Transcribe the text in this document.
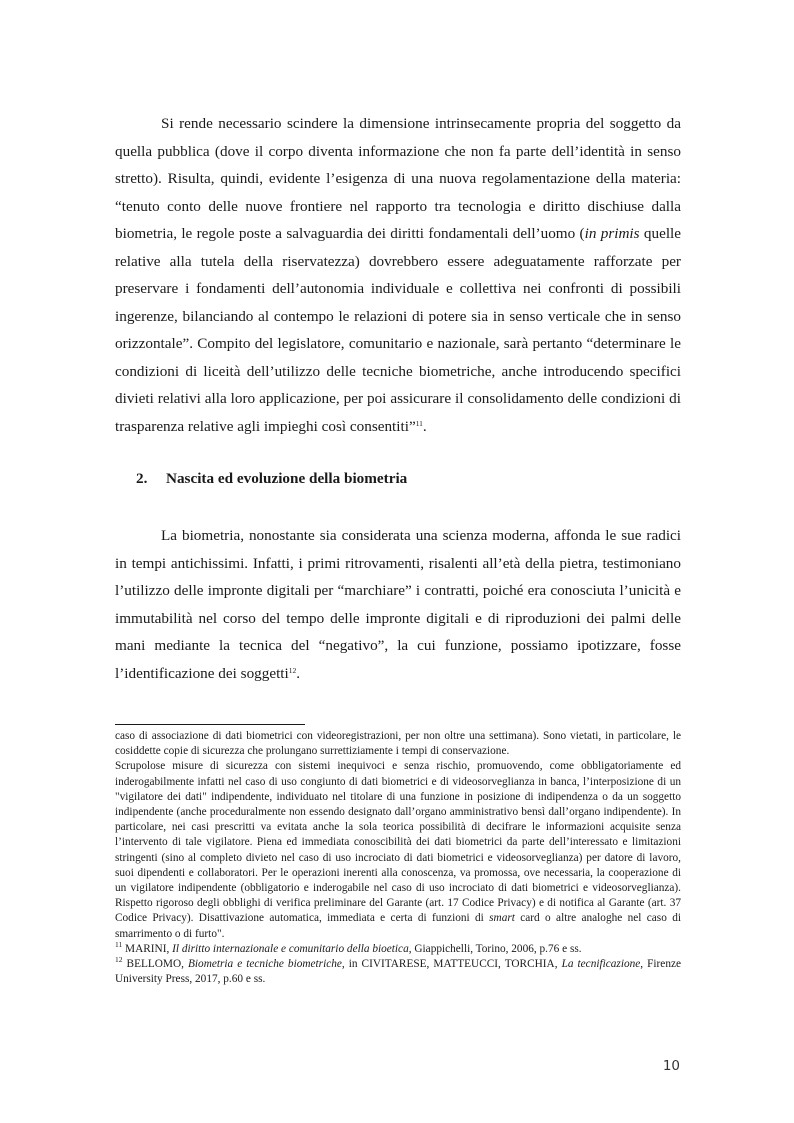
Si rende necessario scindere la dimensione intrinsecamente propria del soggetto da quella pubblica (dove il corpo diventa informazione che non fa parte dell’identità in senso stretto). Risulta, quindi, evidente l’esigenza di una nuova regolamentazione della materia: “tenuto conto delle nuove frontiere nel rapporto tra tecnologia e diritto dischiuse dalla biometria, le regole poste a salvaguardia dei diritti fondamentali dell’uomo (in primis quelle relative alla tutela della riservatezza) dovrebbero essere adeguatamente rafforzate per preservare i fondamenti dell’autonomia individuale e collettiva nei confronti di possibili ingerenze, bilanciando al contempo le relazioni di potere sia in senso verticale che in senso orizzontale”. Compito del legislatore, comunitario e nazionale, sarà pertanto “determinare le condizioni di liceità dell’utilizzo delle tecniche biometriche, anche introducendo specifici divieti relativi alla loro applicazione, per poi assicurare il consolidamento delle condizioni di trasparenza relative agli impieghi così consentiti”$^{11}$.

2. Nascita ed evoluzione della biometria

La biometria, nonostante sia considerata una scienza moderna, affonda le sue radici in tempi antichissimi. Infatti, i primi ritrovamenti, risalenti all’età della pietra, testimoniano l’utilizzo delle impronte digitali per “marchiare” i contratti, poiché era conosciuta l’unicità e immutabilità nel corso del tempo delle impronte digitali e di riproduzioni dei palmi delle mani mediante la tecnica del “negativo”, la cui funzione, possiamo ipotizzare, fosse l’identificazione dei soggetti$^{12}$.

caso di associazione di dati biometrici con videoregistrazioni, per non oltre una settimana). Sono vietati, in particolare, le cosiddette copie di sicurezza che prolungano surrettiziamente i tempi di conservazione.

Scrupolose misure di sicurezza con sistemi inequivoci e senza rischio, promuovendo, come obbligatoriamente ed inderogabilmente infatti nel caso di uso congiunto di dati biometrici e di videosorveglianza in banca, l’interposizione di un "vigilatore dei dati" indipendente, individuato nel titolare di una funzione in posizione di indipendenza o da un soggetto indipendente (anche proceduralmente non essendo designato dall’organo amministrativo bensì dall’organo indipendente). In particolare, nei casi prescritti va evitata anche la sola teorica possibilità di decifrare le informazioni acquisite senza l’intervento di tale vigilatore. Piena ed immediata conoscibilità dei dati biometrici da parte dell’interessato e limitazioni stringenti (sino al completo divieto nel caso di uso incrociato di dati biometrici e videosorveglianza) per datore di lavoro, suoi dipendenti e collaboratori. Per le operazioni inerenti alla conoscenza, va promossa, ove necessaria, la cooperazione di un vigilatore indipendente (obbligatorio e inderogabile nel caso di uso incrociato di dati biometrici e videosorveglianza). Rispetto rigoroso degli obblighi di verifica preliminare del Garante (art. 17 Codice Privacy) e di notifica al Garante (art. 37 Codice Privacy). Disattivazione automatica, immediata e certa di funzioni di smart card o altre analoghe nel caso di smarrimento o di furto".

$^{11}$ MARINI, Il diritto internazionale e comunitario della bioetica, Giappichelli, Torino, 2006, p.76 e ss.

$^{12}$ BELLOMO, Biometria e tecniche biometriche, in CIVITARESE, MATTEUCCI, TORCHIA, La tecnificazione, Firenze University Press, 2017, p.60 e ss.

10
